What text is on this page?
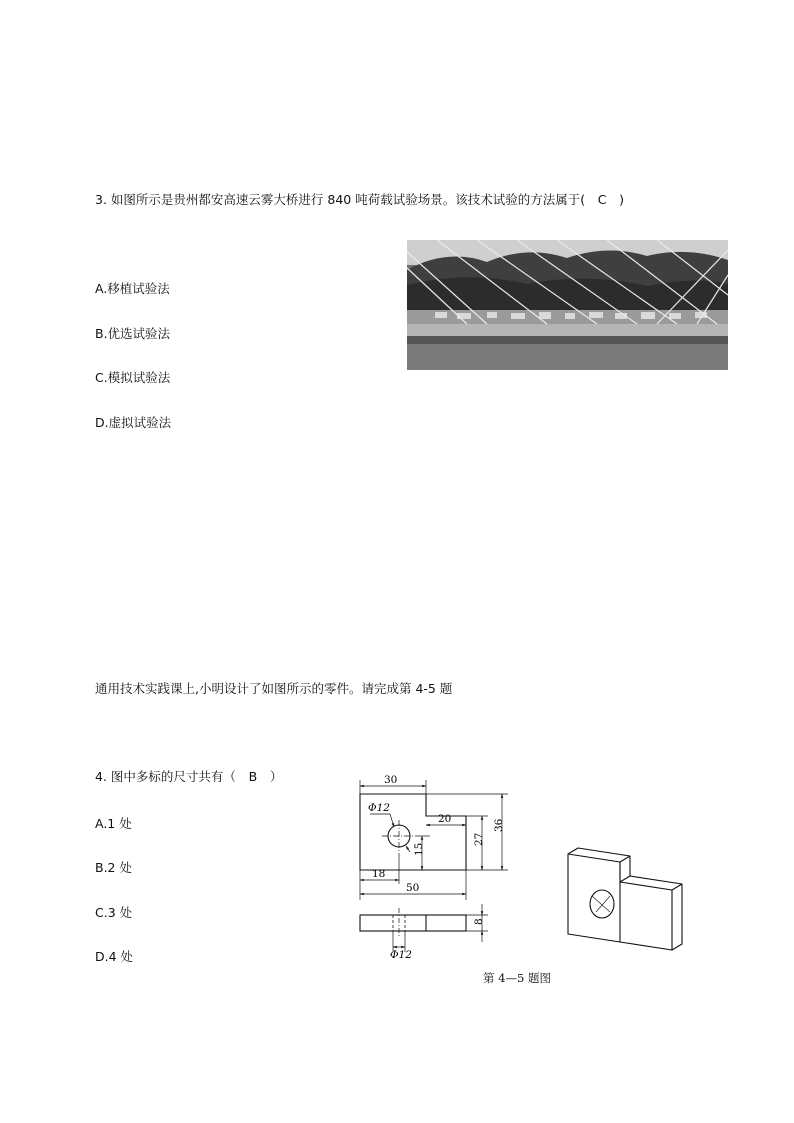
3. 如图所示是贵州都安高速云雾大桥进行 840 吨荷载试验场景。该技术试验的方法属于( C )
A.移植试验法
B.优选试验法
C.模拟试验法
D.虚拟试验法
通用技术实践课上,小明设计了如图所示的零件。请完成第 4-5 题
4. 图中多标的尺寸共有（ B ）
A.1 处
B.2 处
C.3 处
D.4 处
30
20
27
36
15
18
50
8
Φ12
Φ12
第 4—5 题图
